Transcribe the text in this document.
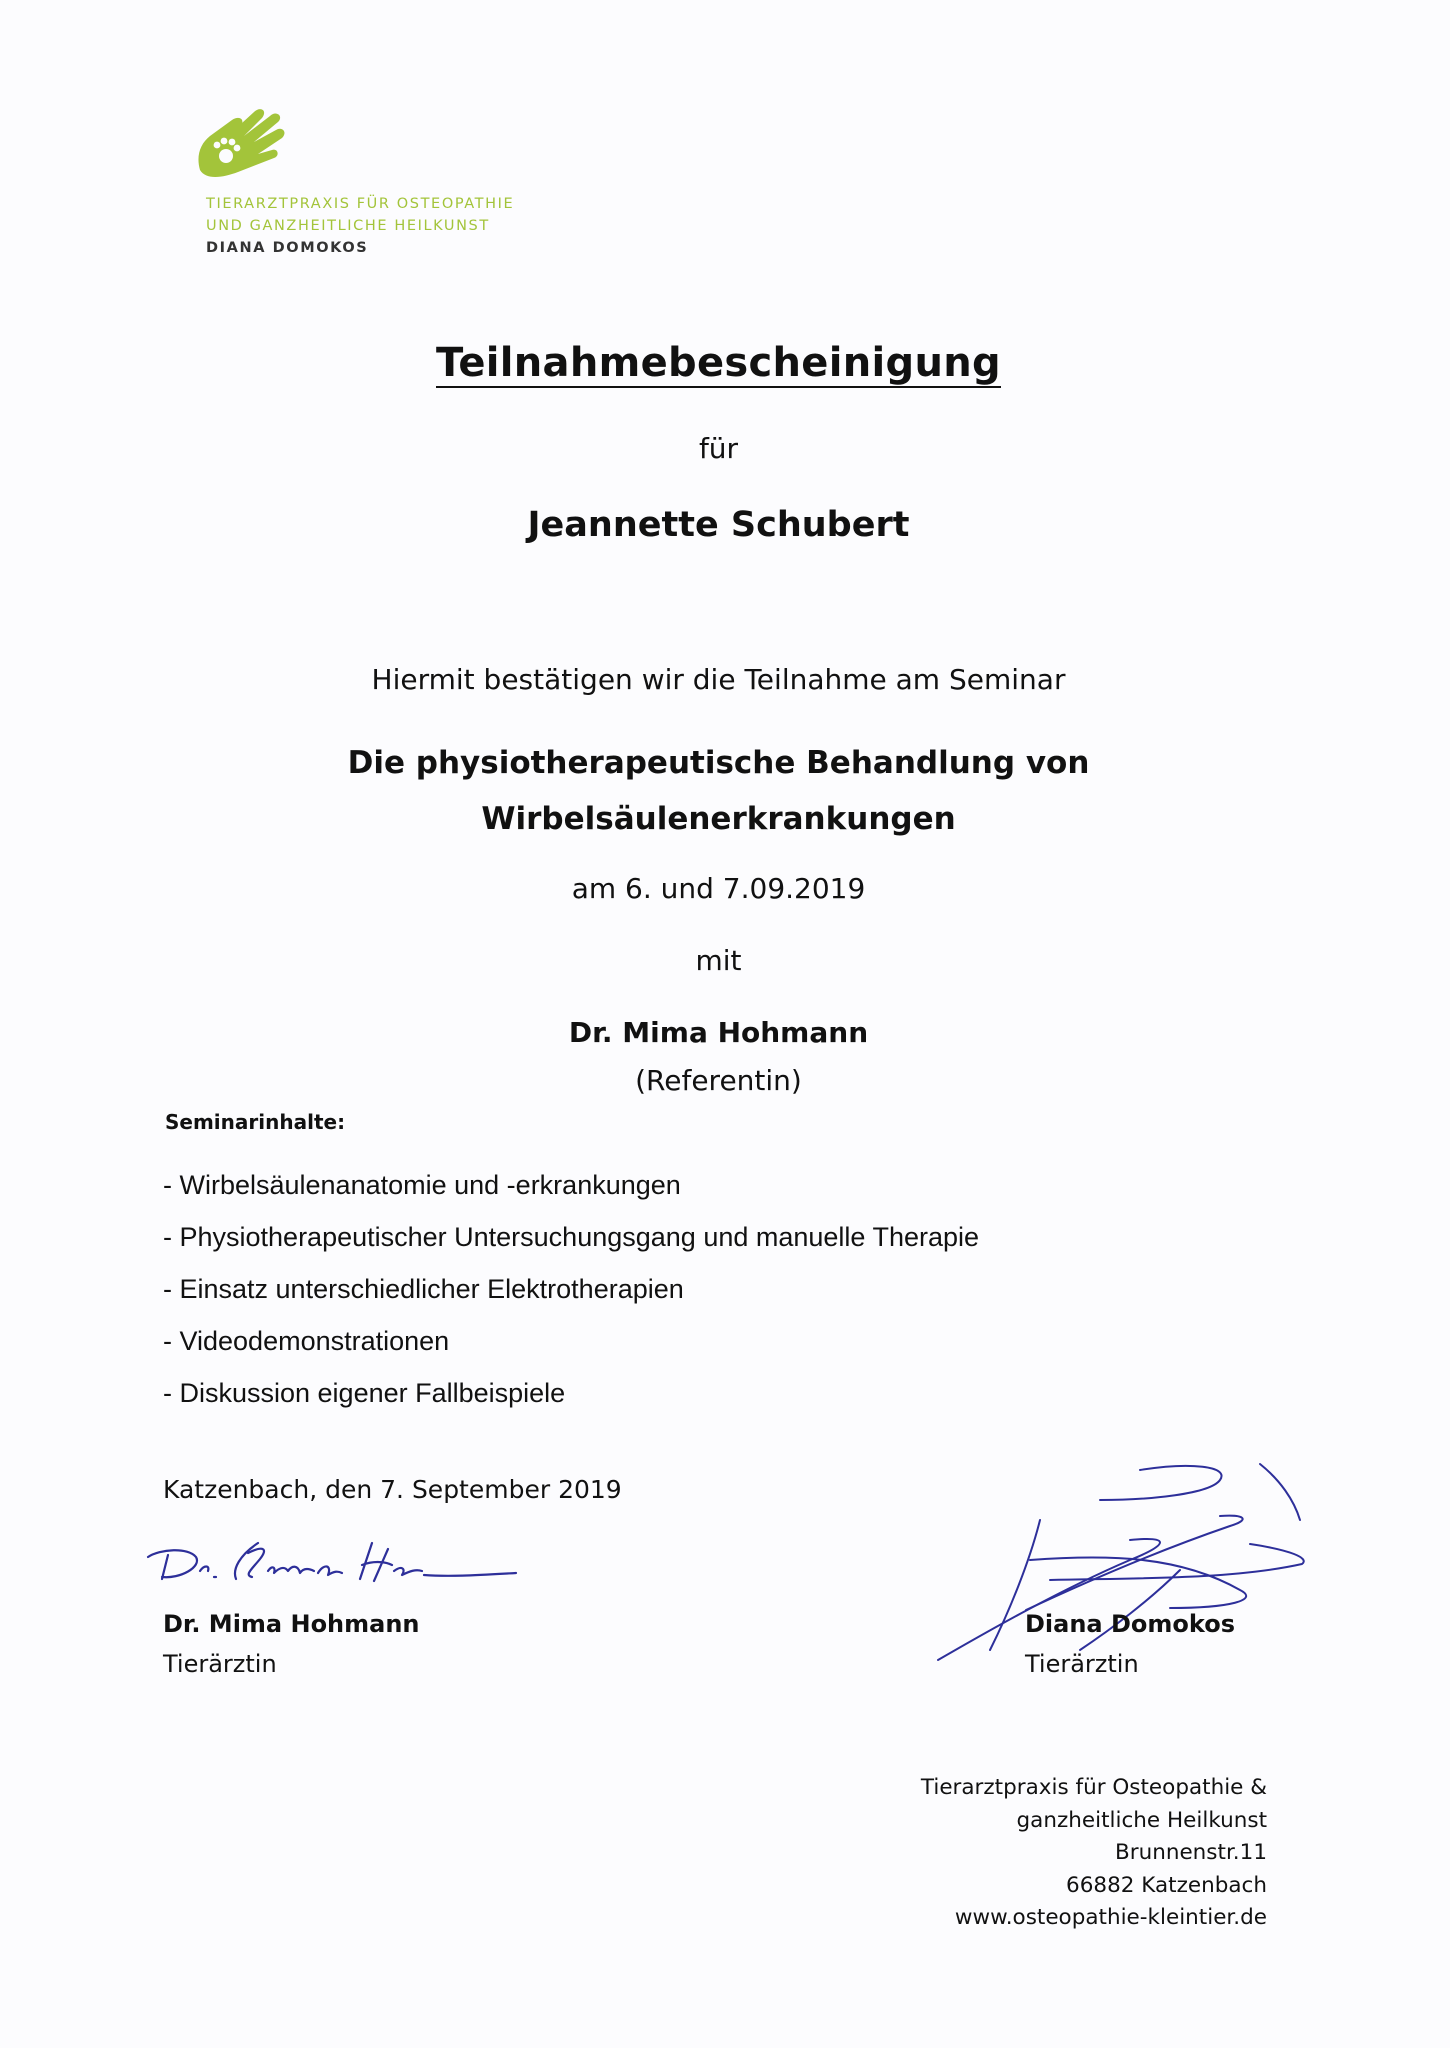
TIERARZTPRAXIS FÜR OSTEOPATHIE
UND GANZHEITLICHE HEILKUNST
DIANA DOMOKOS
Teilnahmebescheinigung
für
Jeannette Schubert
Hiermit bestätigen wir die Teilnahme am Seminar
Die physiotherapeutische Behandlung von
Wirbelsäulenerkrankungen
am 6. und 7.09.2019
mit
Dr. Mima Hohmann
(Referentin)
Seminarinhalte:
- Wirbelsäulenanatomie und -erkrankungen
- Physiotherapeutischer Untersuchungsgang und manuelle Therapie
- Einsatz unterschiedlicher Elektrotherapien
- Videodemonstrationen
- Diskussion eigener Fallbeispiele
Katzenbach, den 7. September 2019
Dr. Mima Hohmann
Tierärztin
Diana Domokos
Tierärztin
Tierarztpraxis für Osteopathie &
ganzheitliche Heilkunst
Brunnenstr.11
66882 Katzenbach
www.osteopathie-kleintier.de
